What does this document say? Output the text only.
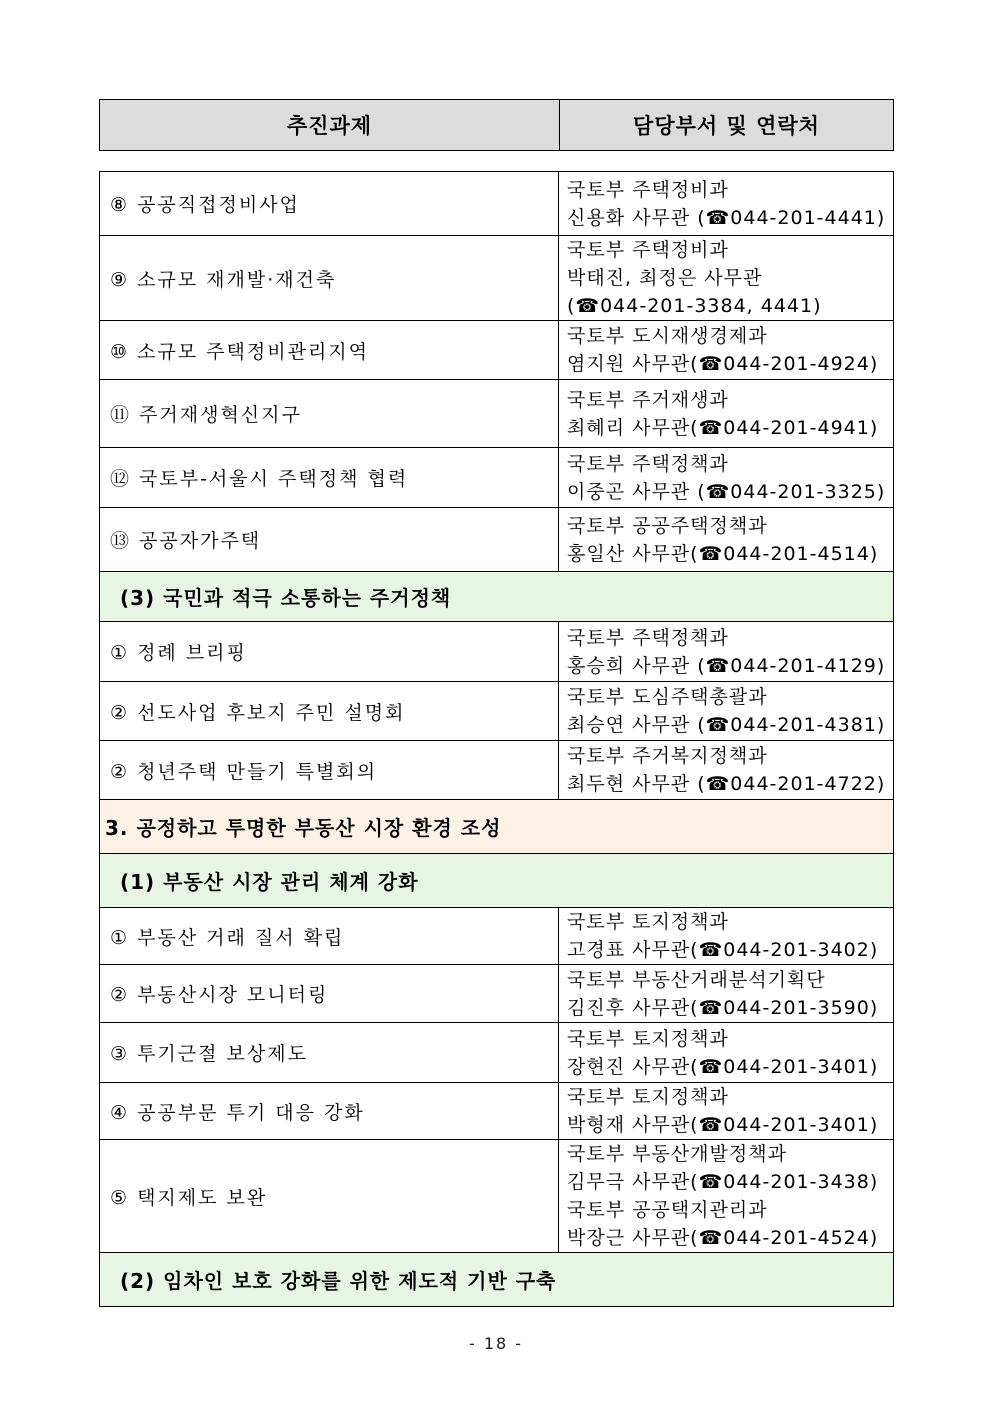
추진과제	담당부서 및 연락처
⑧ 공공직접정비사업	국토부 주택정비과
신용화 사무관 (☎044-201-4441)

⑨ 소규모 재개발·재건축	국토부 주택정비과
박태진, 최정은 사무관
(☎044-201-3384, 4441)

⑩ 소규모 주택정비관리지역	국토부 도시재생경제과
염지원 사무관(☎044-201-4924)

⑪ 주거재생혁신지구	국토부 주거재생과
최혜리 사무관(☎044-201-4941)

⑫ 국토부-서울시 주택정책 협력	국토부 주택정책과
이중곤 사무관 (☎044-201-3325)

⑬ 공공자가주택	국토부 공공주택정책과
홍일산 사무관(☎044-201-4514)

(3) 국민과 적극 소통하는 주거정책	
① 정례 브리핑	국토부 주택정책과
홍승희 사무관 (☎044-201-4129)

② 선도사업 후보지 주민 설명회	국토부 도심주택총괄과
최승연 사무관 (☎044-201-4381)

② 청년주택 만들기 특별회의	국토부 주거복지정책과
최두현 사무관 (☎044-201-4722)

3. 공정하고 투명한 부동산 시장 환경 조성	
(1) 부동산 시장 관리 체계 강화	
① 부동산 거래 질서 확립	국토부 토지정책과
고경표 사무관(☎044-201-3402)

② 부동산시장 모니터링	국토부 부동산거래분석기획단
김진후 사무관(☎044-201-3590)

③ 투기근절 보상제도	국토부 토지정책과
장현진 사무관(☎044-201-3401)

④ 공공부문 투기 대응 강화	국토부 토지정책과
박형재 사무관(☎044-201-3401)

⑤ 택지제도 보완	국토부 부동산개발정책과
김무극 사무관(☎044-201-3438)
국토부 공공택지관리과
박장근 사무관(☎044-201-4524)

(2) 임차인 보호 강화를 위한 제도적 기반 구축	
- 18 -
